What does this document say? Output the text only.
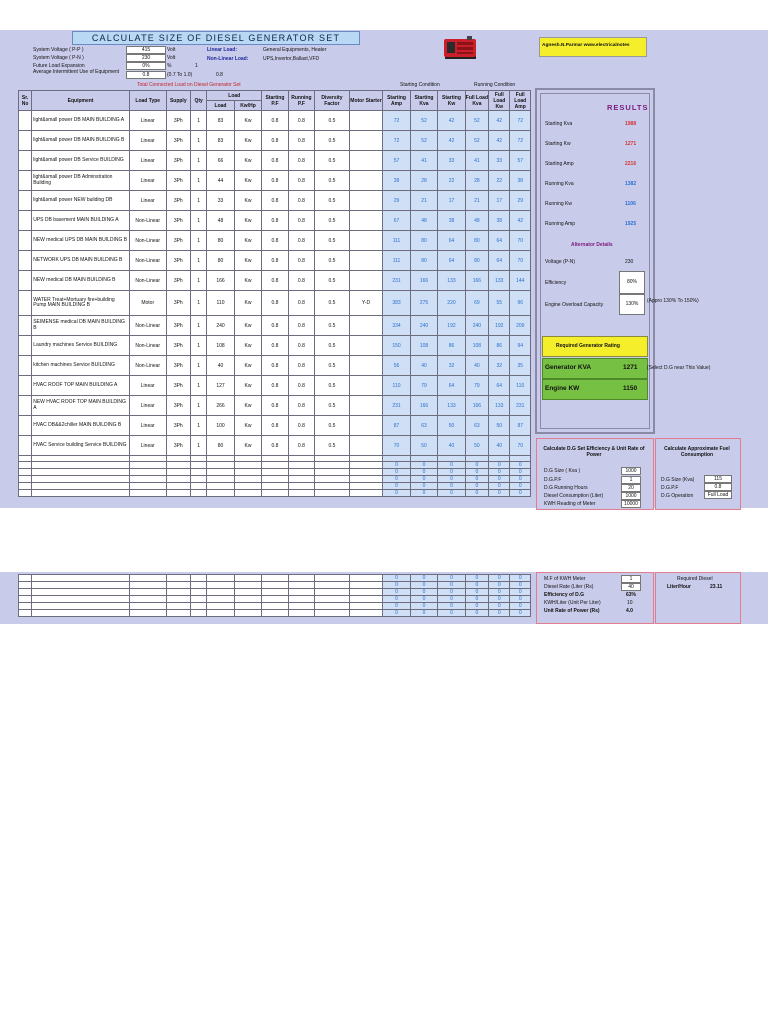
CALCULATE SIZE OF DIESEL GENERATOR SET
System Voltage ( P-P )	415	Volt
System Voltage ( P-N )	230	Volt
Future Load Expansion	0%	%	1
Average Intermittent Use of Equipment	0.8	(0.7 To 1.0)	0.8
Linear Load:	General Equipments, Heater
Non-Linear Load:	UPS,Invertor,Ballast,VFD
Total Connected Load on Diesel Generator Set	Starting Condition	Running Condition
Agnesh.N.Parmar www.electricalnotes
Sr. No	Equipment	Load Type	Supply	Qty	Load		Starting P.F	Running P.F	Diversity Factor	Motor Starter	Starting Amp	Starting Kva	Starting Kw	Full Load Kva	Full Load Kw	Full Load Amp
					Load	Kw/Hp										
	light&small power DB MAIN BUILDING A	Linear	3Ph	1	83	Kw	0.8	0.8	0.5		72	52	42	52	42	72
	light&small power DB MAIN BUILDING B	Linear	3Ph	1	83	Kw	0.8	0.8	0.5		72	52	42	52	42	72
	light&small power DB Service BUILDING	Linear	3Ph	1	66	Kw	0.8	0.8	0.5		57	41	33	41	33	57
	light&small power DB Adminstration Building	Linear	3Ph	1	44	Kw	0.8	0.8	0.5		38	28	22	28	22	38
	light&small power NEW building DB	Linear	3Ph	1	33	Kw	0.8	0.8	0.5		29	21	17	21	17	29
	UPS DB basement MAIN BUILDING A	Non-Linear	3Ph	1	48	Kw	0.8	0.8	0.5		67	48	38	48	38	42
	NEW medical UPS DB MAIN BUILDING B	Non-Linear	3Ph	1	80	Kw	0.8	0.8	0.5		111	80	64	80	64	70
	NETWORK UPS DB MAIN BUILDING B	Non-Linear	3Ph	1	80	Kw	0.8	0.8	0.5		111	80	64	80	64	70
	NEW medical DB MAIN BUILDING B	Non-Linear	3Ph	1	166	Kw	0.8	0.8	0.5		231	166	133	166	133	144
	WATER Treat+Mortuary fire+building Pump MAIN BUILDING B	Motor	3Ph	1	110	Kw	0.8	0.8	0.5	Y-D	383	275	220	69	55	96
	SEIMENSE medical DB MAIN BUILDING B	Non-Linear	3Ph	1	240	Kw	0.8	0.8	0.5		334	240	192	240	192	209
	Laundry machines Service BUILDING	Non-Linear	3Ph	1	108	Kw	0.8	0.8	0.5		150	108	86	108	86	94
	kitchen machines Service BUILDING	Non-Linear	3Ph	1	40	Kw	0.8	0.8	0.5		56	40	32	40	32	35
	HVAC ROOF TOP MAIN BUILDING A	Linear	3Ph	1	127	Kw	0.8	0.8	0.5		110	79	64	79	64	110
	NEW HVAC ROOF TOP MAIN BUILDING A	Linear	3Ph	1	266	Kw	0.8	0.8	0.5		231	166	133	166	133	231
	HVAC DB&&2chiller MAIN BUILDING B	Linear	3Ph	1	100	Kw	0.8	0.8	0.5		87	63	50	63	50	87
	HVAC Service building Service BUILDING	Linear	3Ph	1	80	Kw	0.8	0.8	0.5		70	50	40	50	40	70

											0	0	0	0	0	0
											0	0	0	0	0	0
											0	0	0	0	0	0
											0	0	0	0	0	0
											0	0	0	0	0	0
											0	0	0	0	0	0
											0	0	0	0	0	0
											0	0	0	0	0	0
											0	0	0	0	0	0
											0	0	0	0	0	0
											0	0	0	0	0	0
RESULTS
Starting Kva	1988
Starting Kw	1271
Starting Amp	2216
Running Kva	1382
Running Kw	1106
Running Amp	1925
Alternator Details
Voltage (P-N)	230
Efficiency	80%
Engine Overload Capacity	130%	(Appro 130% To 150%)
Required Generator Rating
Generator KVA	1271 (Select D.G near This Value)
Engine KW	1150
Calculate D.G Set Efficiency & Unit Rate of Power
D.G Size ( Kva )	1000
D.G.P.F	1
D.G Running Hours	20
Diesel Consumption (Liter)	1000
KWH Reading of Meter	10000
Calculate Approximate Fuel Consumption
D.G Size (Kva)	115
D.G.P.F	0.8
D.G Operation	Full Load
M.F of KWH Meter	1
Diesel Rate (Liter (Rs)	40
Efficiency of D.G	63%
KWH/Liter (Unit Per Liter)	10
Unit Rate of Power (Rs)	4.0
Required Diesel
Liter/Hour	23.11
